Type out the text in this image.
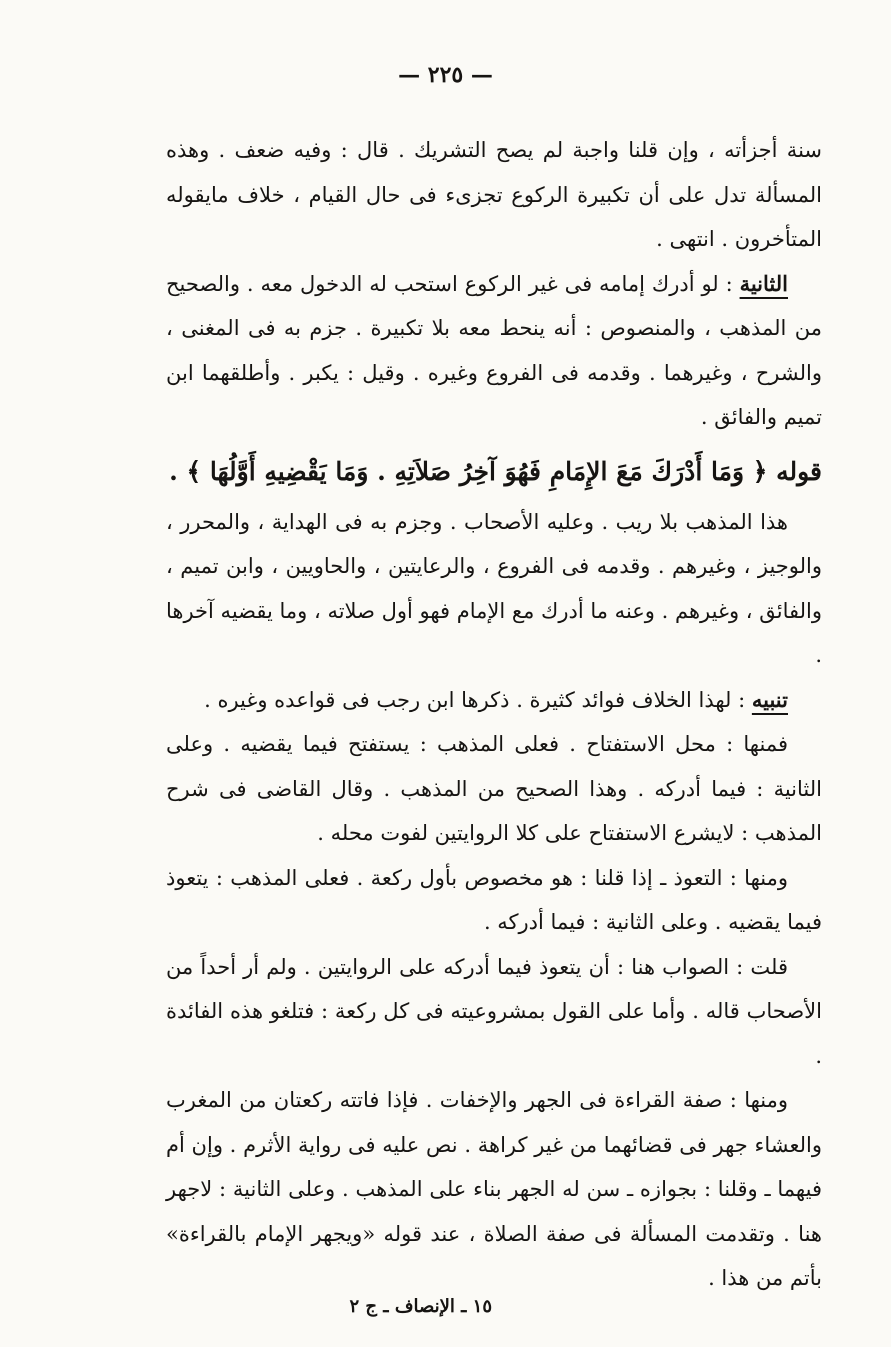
— ٢٢٥ —

سنة أجزأته ، وإن قلنا واجبة لم يصح التشريك . قال : وفيه ضعف . وهذه المسألة تدل على أن تكبيرة الركوع تجزىء فى حال القيام ، خلاف مايقوله المتأخرون . انتهى .

الثانية : لو أدرك إمامه فى غير الركوع استحب له الدخول معه . والصحيح من المذهب ، والمنصوص : أنه ينحط معه بلا تكبيرة . جزم به فى المغنى ، والشرح ، وغيرهما . وقدمه فى الفروع وغيره . وقيل : يكبر . وأطلقهما ابن تميم والفائق .

قوله ﴿ وَمَا أَدْرَكَ مَعَ الإِمَامِ فَهُوَ آخِرُ صَلاَتِهِ . وَمَا يَقْضِيهِ أَوَّلُهَا ﴾ .

هذا المذهب بلا ريب . وعليه الأصحاب . وجزم به فى الهداية ، والمحرر ، والوجيز ، وغيرهم . وقدمه فى الفروع ، والرعايتين ، والحاويين ، وابن تميم ، والفائق ، وغيرهم . وعنه ما أدرك مع الإمام فهو أول صلاته ، وما يقضيه آخرها .

تنبيه : لهذا الخلاف فوائد كثيرة . ذكرها ابن رجب فى قواعده وغيره .

فمنها : محل الاستفتاح . فعلى المذهب : يستفتح فيما يقضيه . وعلى الثانية : فيما أدركه . وهذا الصحيح من المذهب . وقال القاضى فى شرح المذهب : لايشرع الاستفتاح على كلا الروايتين لفوت محله .

ومنها : التعوذ ـ إذا قلنا : هو مخصوص بأول ركعة . فعلى المذهب : يتعوذ فيما يقضيه . وعلى الثانية : فيما أدركه .

قلت : الصواب هنا : أن يتعوذ فيما أدركه على الروايتين . ولم أر أحداً من الأصحاب قاله . وأما على القول بمشروعيته فى كل ركعة : فتلغو هذه الفائدة .

ومنها : صفة القراءة فى الجهر والإخفات . فإذا فاتته ركعتان من المغرب والعشاء جهر فى قضائهما من غير كراهة . نص عليه فى رواية الأثرم . وإن أم فيهما ـ وقلنا : بجوازه ـ سن له الجهر بناء على المذهب . وعلى الثانية : لاجهر هنا . وتقدمت المسألة فى صفة الصلاة ، عند قوله «ويجهر الإمام بالقراءة» بأتم من هذا .

١٥ ـ الإنصاف ـ ج ٢
